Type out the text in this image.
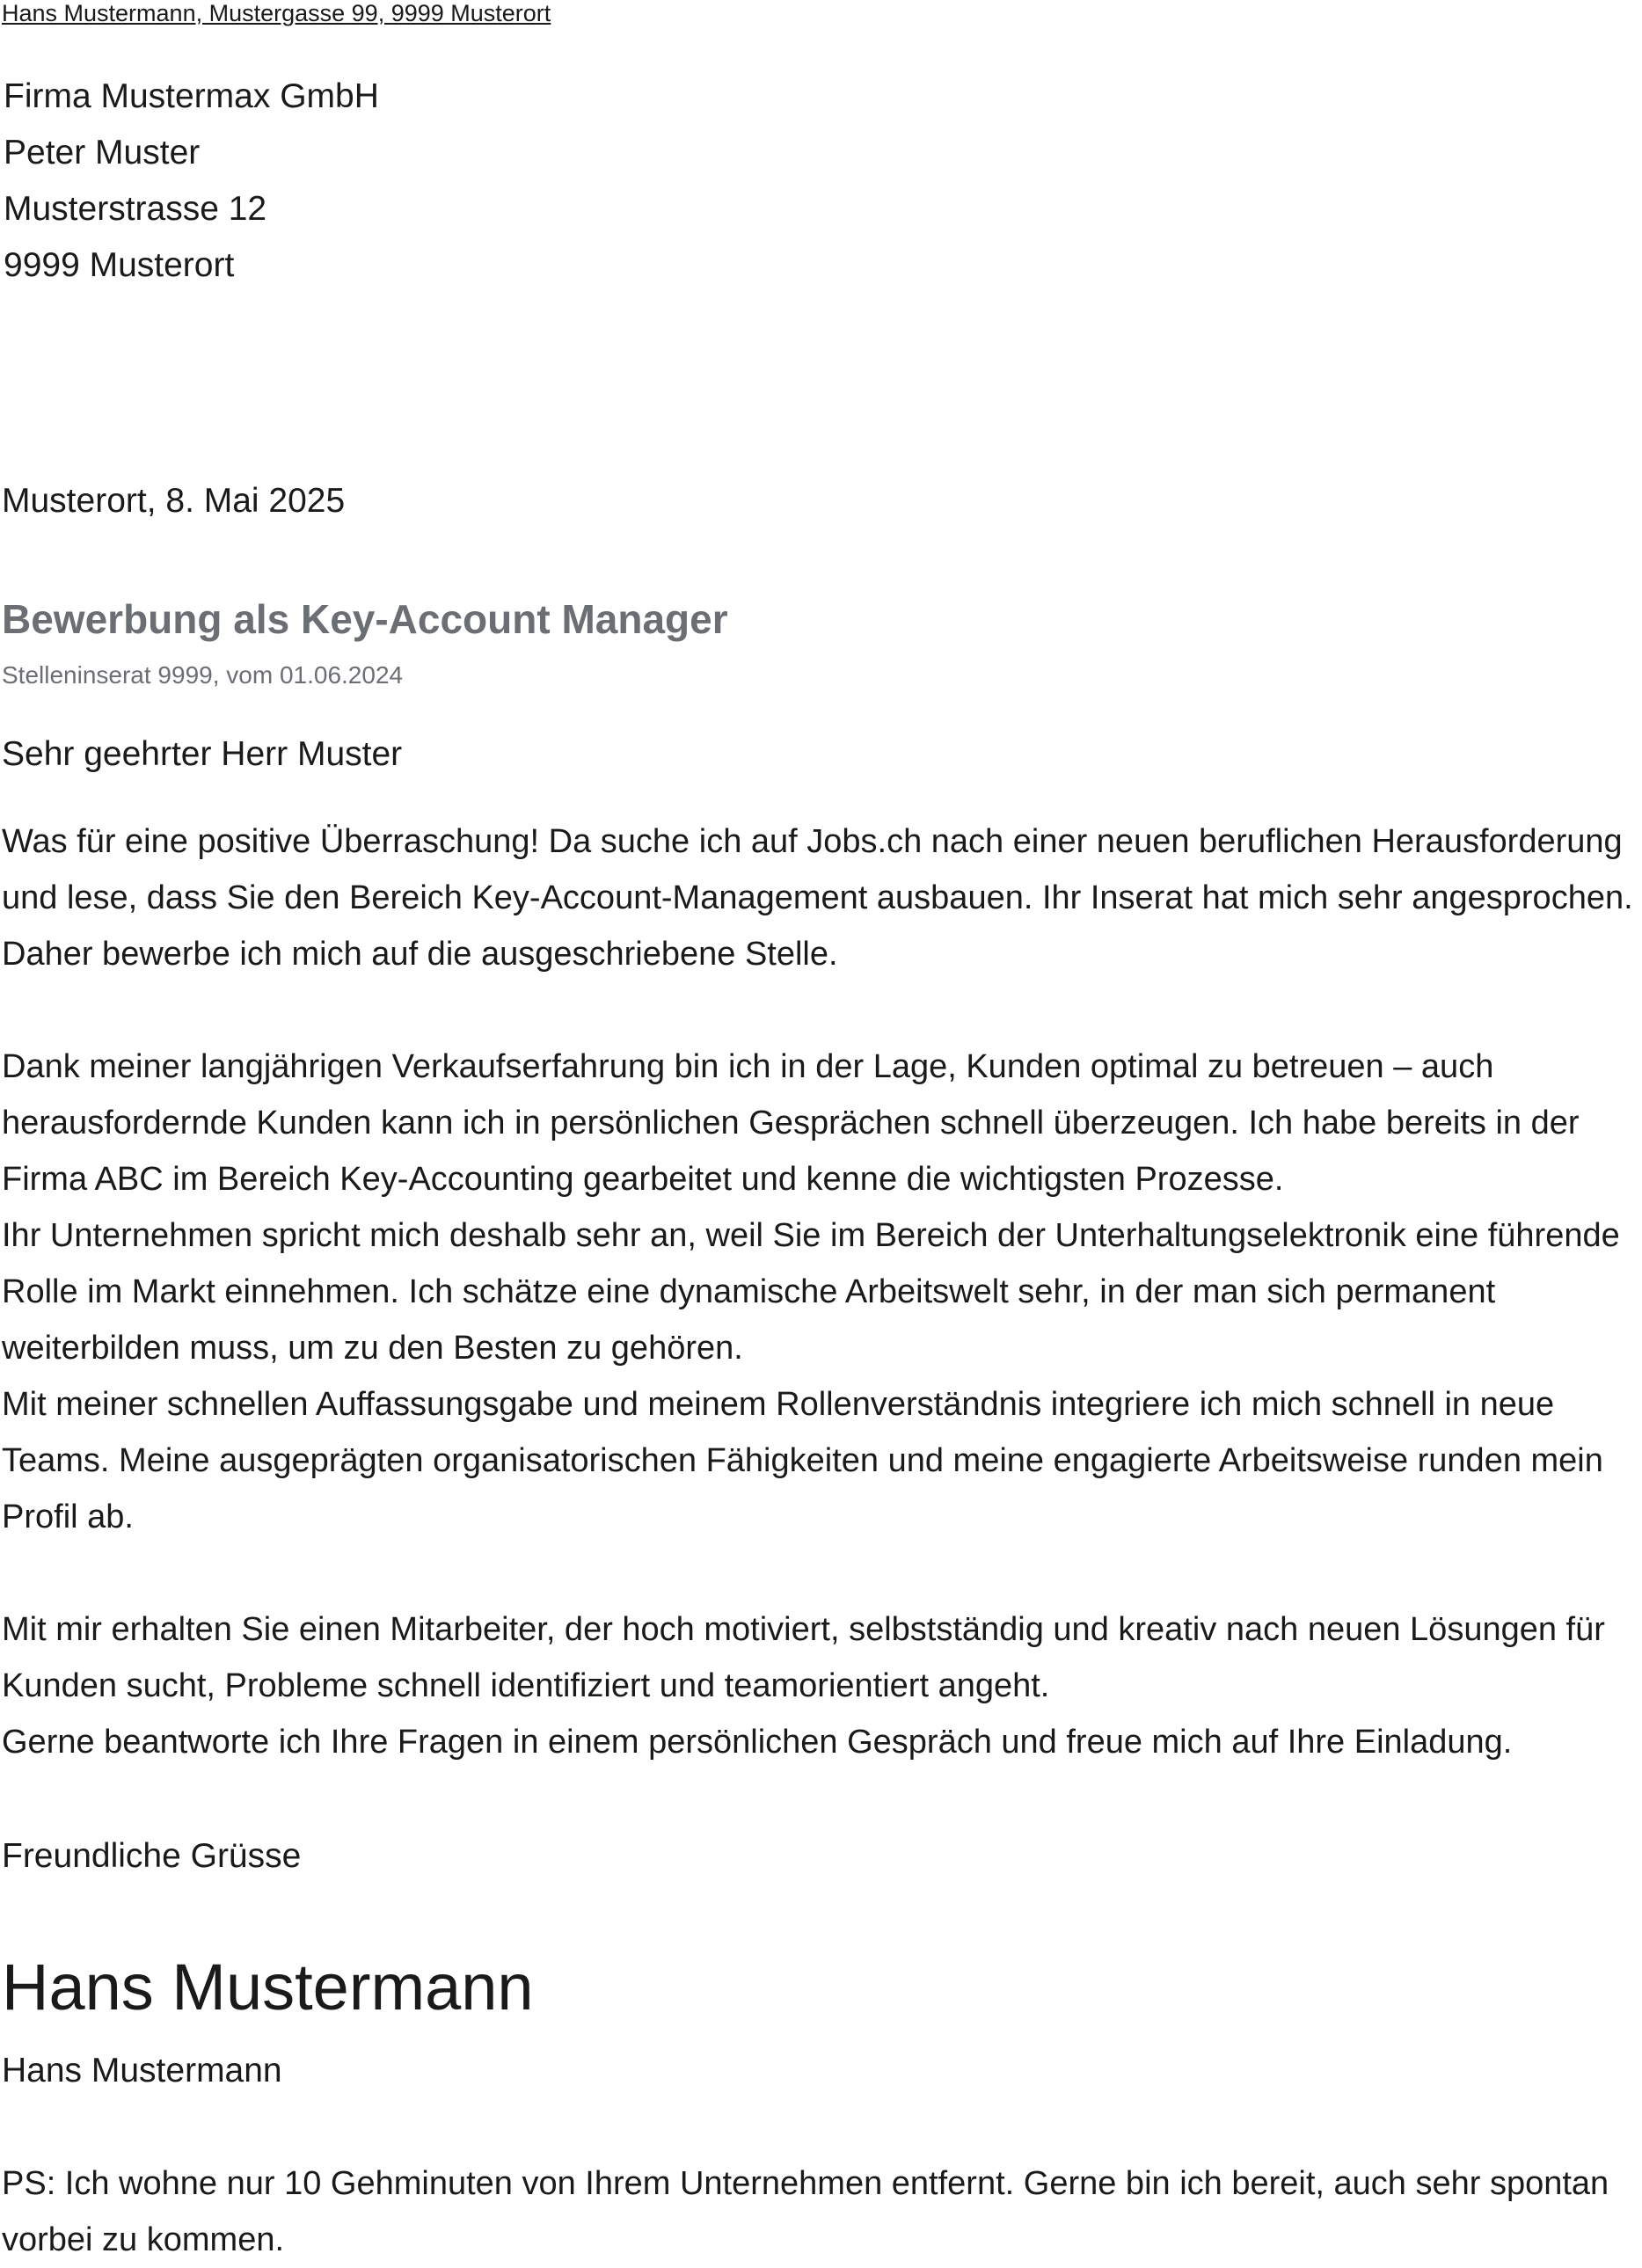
Hans Mustermann, Mustergasse 99, 9999 Musterort
Firma Mustermax GmbH
Peter Muster
Musterstrasse 12
9999 Musterort
Musterort, 8. Mai 2025
Bewerbung als Key-Account Manager
Stelleninserat 9999, vom 01.06.2024
Sehr geehrter Herr Muster

Was für eine positive Überraschung! Da suche ich auf Jobs.ch nach einer neuen beruflichen Herausforderung und lese, dass Sie den Bereich Key-Account-Management ausbauen. Ihr Inserat hat mich sehr angesprochen. Daher bewerbe ich mich auf die ausgeschriebene Stelle.

Dank meiner langjährigen Verkaufserfahrung bin ich in der Lage, Kunden optimal zu betreuen – auch herausfordernde Kunden kann ich in persönlichen Gesprächen schnell überzeugen. Ich habe bereits in der Firma ABC im Bereich Key-Accounting gearbeitet und kenne die wichtigsten Prozesse.

Ihr Unternehmen spricht mich deshalb sehr an, weil Sie im Bereich der Unterhaltungselektronik eine führende Rolle im Markt einnehmen. Ich schätze eine dynamische Arbeitswelt sehr, in der man sich permanent weiterbilden muss, um zu den Besten zu gehören.

Mit meiner schnellen Auffassungsgabe und meinem Rollenverständnis integriere ich mich schnell in neue Teams. Meine ausgeprägten organisatorischen Fähigkeiten und meine engagierte Arbeitsweise runden mein Profil ab.

Mit mir erhalten Sie einen Mitarbeiter, der hoch motiviert, selbstständig und kreativ nach neuen Lösungen für Kunden sucht, Probleme schnell identifiziert und teamorientiert angeht.

Gerne beantworte ich Ihre Fragen in einem persönlichen Gespräch und freue mich auf Ihre Einladung.

Freundliche Grüsse
Hans Mustermann
Hans Mustermann
PS: Ich wohne nur 10 Gehminuten von Ihrem Unternehmen entfernt. Gerne bin ich bereit, auch sehr spontan vorbei zu kommen.
